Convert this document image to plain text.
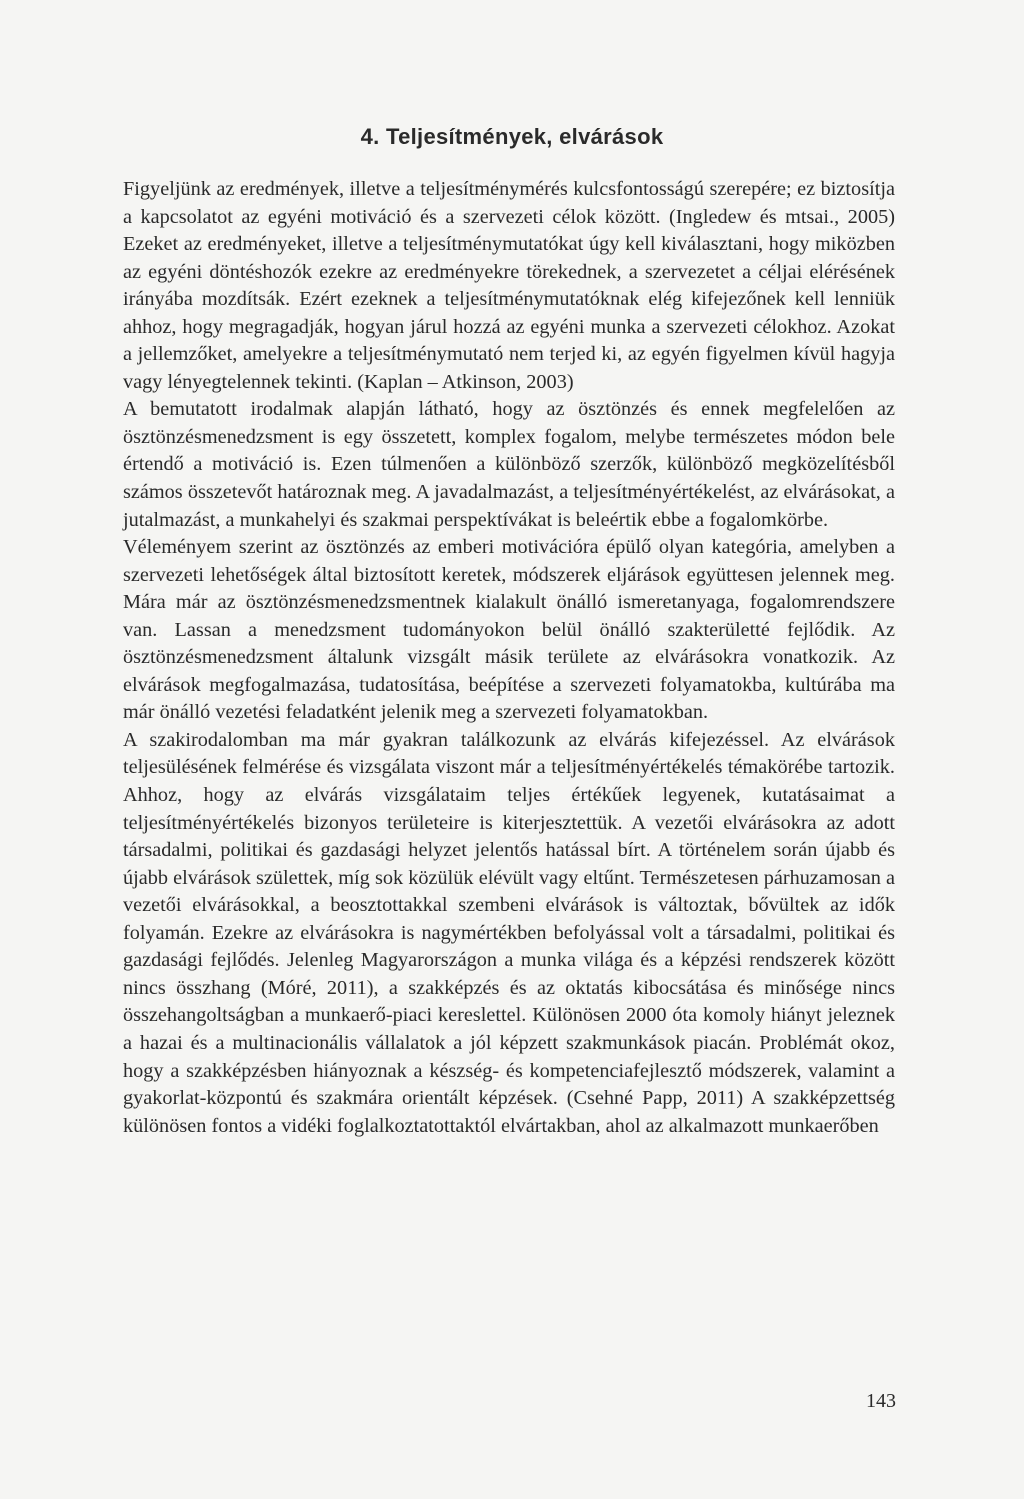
4. Teljesítmények, elvárások

Figyeljünk az eredmények, illetve a teljesítménymérés kulcsfontosságú szerepére; ez biztosítja a kapcsolatot az egyéni motiváció és a szervezeti célok között. (Ingledew és mtsai., 2005) Ezeket az eredményeket, illetve a teljesítménymutatókat úgy kell kiválasztani, hogy miközben az egyéni döntéshozók ezekre az eredményekre törekednek, a szervezetet a céljai elérésének irányába mozdítsák. Ezért ezeknek a teljesítménymutatóknak elég kifejezőnek kell lenniük ahhoz, hogy megragadják, hogyan járul hozzá az egyéni munka a szervezeti célokhoz. Azokat a jellemzőket, amelyekre a teljesítménymutató nem terjed ki, az egyén figyelmen kívül hagyja vagy lényegtelennek tekinti. (Kaplan – Atkinson, 2003)

A bemutatott irodalmak alapján látható, hogy az ösztönzés és ennek megfelelően az ösztönzésmenedzsment is egy összetett, komplex fogalom, melybe természetes módon bele értendő a motiváció is. Ezen túlmenően a különböző szerzők, különböző megközelítésből számos összetevőt határoznak meg. A javadalmazást, a teljesítményértékelést, az elvárásokat, a jutalmazást, a munkahelyi és szakmai perspektívákat is beleértik ebbe a fogalomkörbe.

Véleményem szerint az ösztönzés az emberi motivációra épülő olyan kategória, amelyben a szervezeti lehetőségek által biztosított keretek, módszerek eljárások együttesen jelennek meg. Mára már az ösztönzésmenedzsmentnek kialakult önálló ismeretanyaga, fogalomrendszere van. Lassan a menedzsment tudományokon belül önálló szakterületté fejlődik. Az ösztönzésmenedzsment általunk vizsgált másik területe az elvárásokra vonatkozik. Az elvárások megfogalmazása, tudatosítása, beépítése a szervezeti folyamatokba, kultúrába ma már önálló vezetési feladatként jelenik meg a szervezeti folyamatokban.

A szakirodalomban ma már gyakran találkozunk az elvárás kifejezéssel. Az elvárások teljesülésének felmérése és vizsgálata viszont már a teljesítményértékelés témakörébe tartozik. Ahhoz, hogy az elvárás vizsgálataim teljes értékűek legyenek, kutatásaimat a teljesítményértékelés bizonyos területeire is kiterjesztettük. A vezetői elvárásokra az adott társadalmi, politikai és gazdasági helyzet jelentős hatással bírt. A történelem során újabb és újabb elvárások születtek, míg sok közülük elévült vagy eltűnt. Természetesen párhuzamosan a vezetői elvárásokkal, a beosztottakkal szembeni elvárások is változtak, bővültek az idők folyamán. Ezekre az elvárásokra is nagymértékben befolyással volt a társadalmi, politikai és gazdasági fejlődés. Jelenleg Magyarországon a munka világa és a képzési rendszerek között nincs összhang (Móré, 2011), a szakképzés és az oktatás kibocsátása és minősége nincs összehangoltságban a munkaerő-piaci kereslettel. Különösen 2000 óta komoly hiányt jeleznek a hazai és a multinacionális vállalatok a jól képzett szakmunkások piacán. Problémát okoz, hogy a szakképzésben hiányoznak a készség- és kompetenciafejlesztő módszerek, valamint a gyakorlat-központú és szakmára orientált képzések. (Csehné Papp, 2011) A szakképzettség különösen fontos a vidéki foglalkoztatottaktól elvártakban, ahol az alkalmazott munkaerőben

143
